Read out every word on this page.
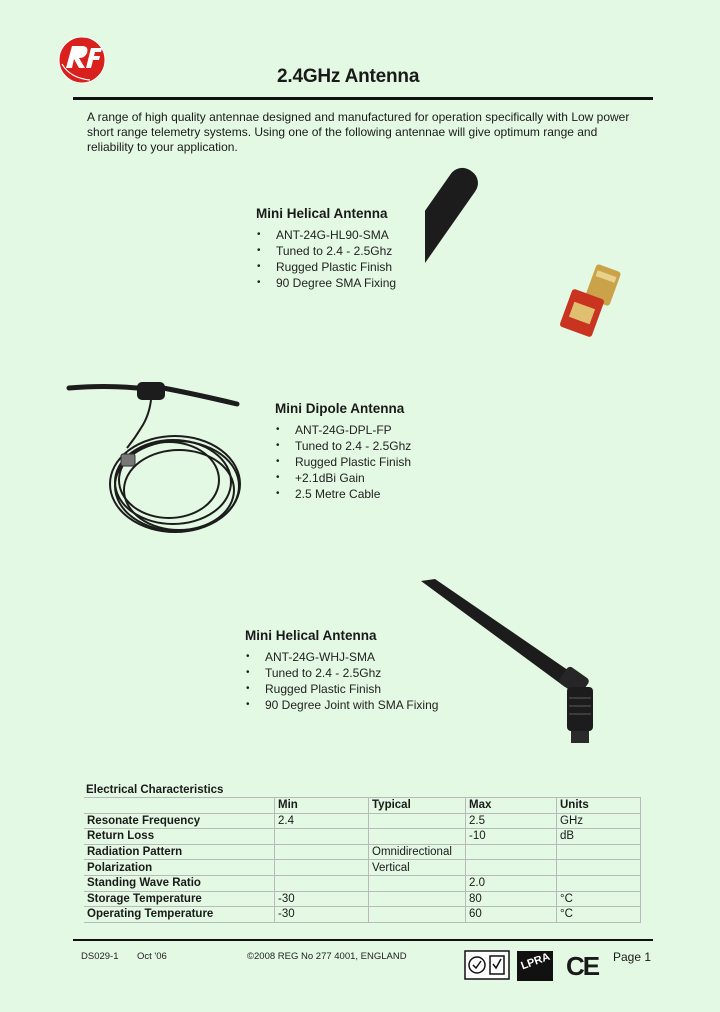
2.4GHz Antenna
A range of high quality antennae designed and manufactured for operation specifically with Low power short range telemetry systems. Using one of the following antennae will give optimum range and reliability to your application.
Mini Helical Antenna
• ANT-24G-HL90-SMA
• Tuned to 2.4 - 2.5Ghz
• Rugged Plastic Finish
• 90 Degree SMA Fixing
Mini Dipole Antenna
• ANT-24G-DPL-FP
• Tuned to 2.4 - 2.5Ghz
• Rugged Plastic Finish
• +2.1dBi Gain
• 2.5 Metre Cable
Mini Helical Antenna
• ANT-24G-WHJ-SMA
• Tuned to 2.4 - 2.5Ghz
• Rugged Plastic Finish
• 90 Degree Joint with SMA Fixing
Electrical Characteristics
	Min	Typical	Max	Units
Resonate Frequency	2.4		2.5	GHz
Return Loss			-10	dB
Radiation Pattern		Omnidirectional		
Polarization		Vertical		
Standing Wave Ratio			2.0	
Storage Temperature	-30		80	°C
Operating Temperature	-30		60	°C
DS029-1 Oct '06	©2008 REG No 277 4001, ENGLAND	LPRA CE Page 1
